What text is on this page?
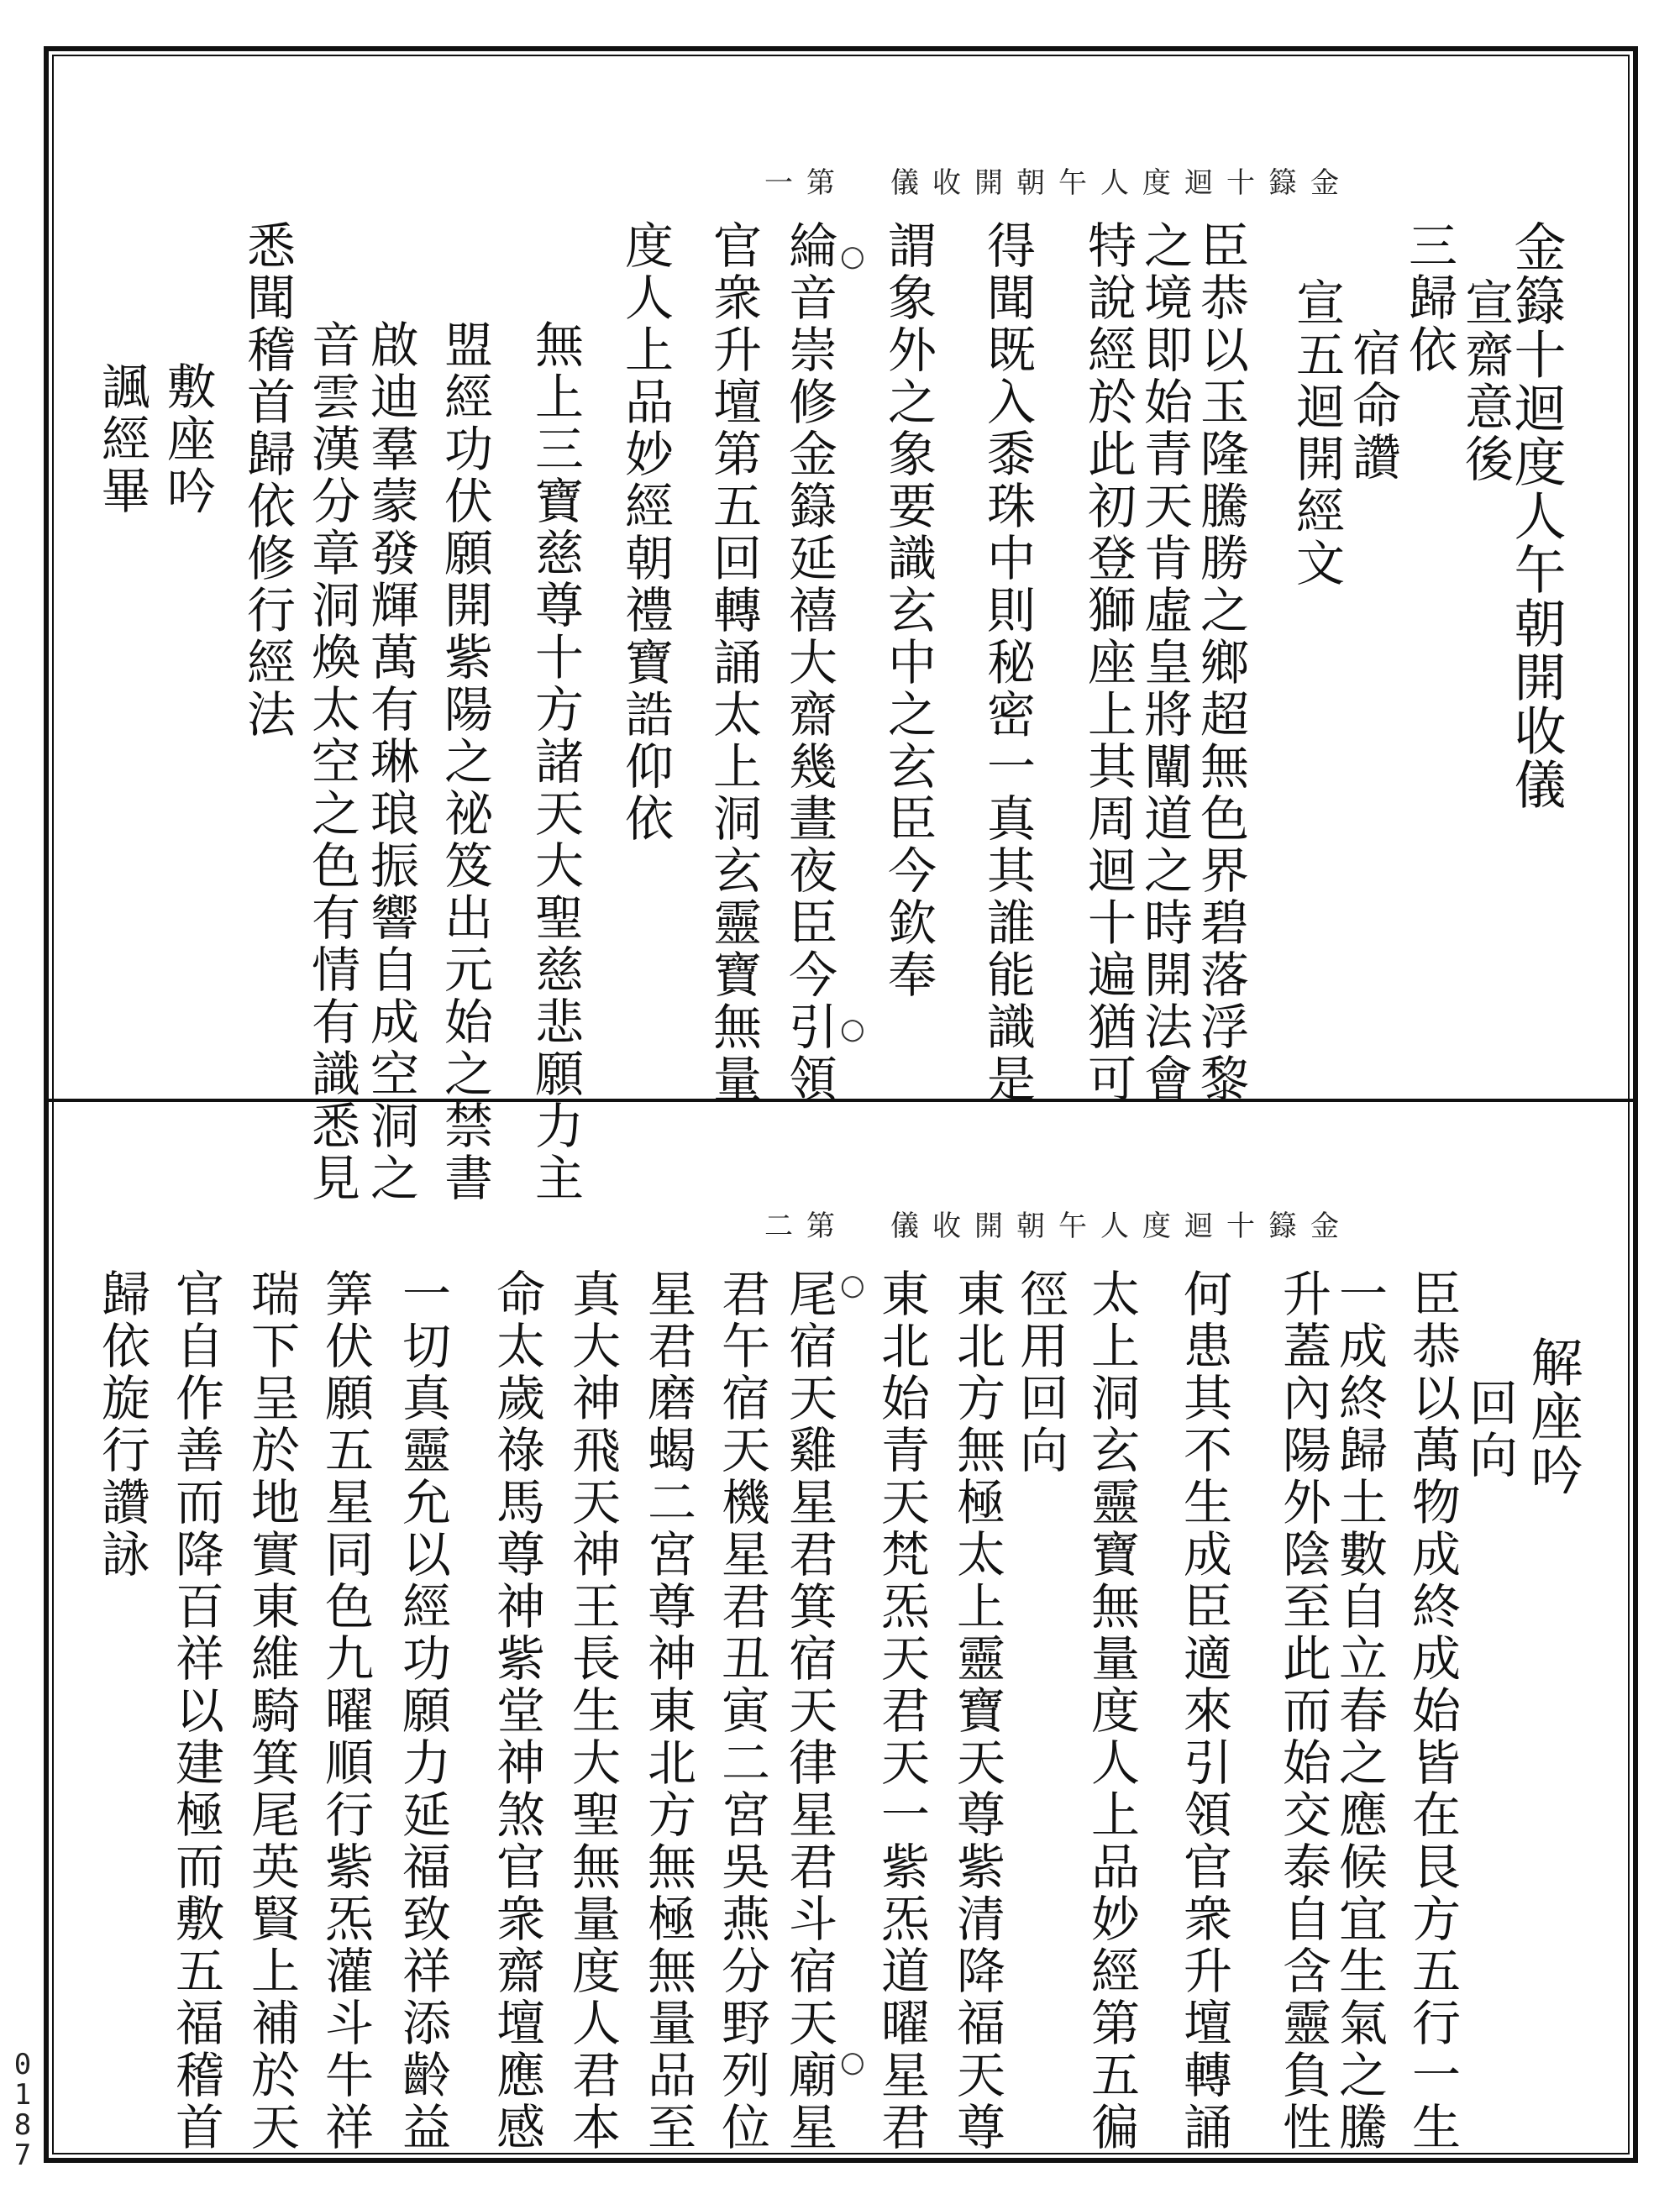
0
1
8
7
金籙十迴度人午朝開收儀　第一
金籙十迴度人午朝開收儀
宣齋意後
三歸依
宿命讚
宣五迴開經文
臣恭以玉隆騰勝之鄉超無色界碧落浮黎
之境即始青天肯虛皇將闡道之時開法會
特說經於此初登獅座上其周迴十遍猶可
得聞既入黍珠中則秘密一真其誰能識是
謂象外之象要識玄中之玄臣今欽奉
綸音崇修金籙延禧大齋幾晝夜臣今引領
官衆升壇第五回轉誦太上洞玄靈寶無量
度人上品妙經朝禮寶誥仰依
無上三寶慈尊十方諸天大聖慈悲願力主
盟經功伏願開紫陽之祕笈出元始之禁書
啟迪羣蒙發輝萬有琳琅振響自成空洞之
音雲漢分章洞煥太空之色有情有識悉見
悉聞稽首歸依修行經法
敷座吟
諷經畢
○
○
金籙十迴度人午朝開收儀　第二
解座吟
回向
臣恭以萬物成終成始皆在艮方五行一生
一成終歸土數自立春之應候宜生氣之騰
升蓋內陽外陰至此而始交泰自含靈負性
何患其不生成臣適來引領官衆升壇轉誦
太上洞玄靈寶無量度人上品妙經第五徧
徑用回向
東北方無極太上靈寶天尊紫清降福天尊
東北始青天梵炁天君天一紫炁道曜星君
尾宿天雞星君箕宿天律星君斗宿天廟星
君午宿天機星君丑寅二宮吳燕分野列位
星君磨蝎二宮尊神東北方無極無量品至
真大神飛天神王長生大聖無量度人君本
命太歲祿馬尊神紫堂神煞官衆齋壇應感
一切真靈允以經功願力延福致祥添齡益
筭伏願五星同色九曜順行紫炁灌斗牛祥
瑞下呈於地實東維騎箕尾英賢上補於天
官自作善而降百祥以建極而敷五福稽首
歸依旋行讚詠	○
○
